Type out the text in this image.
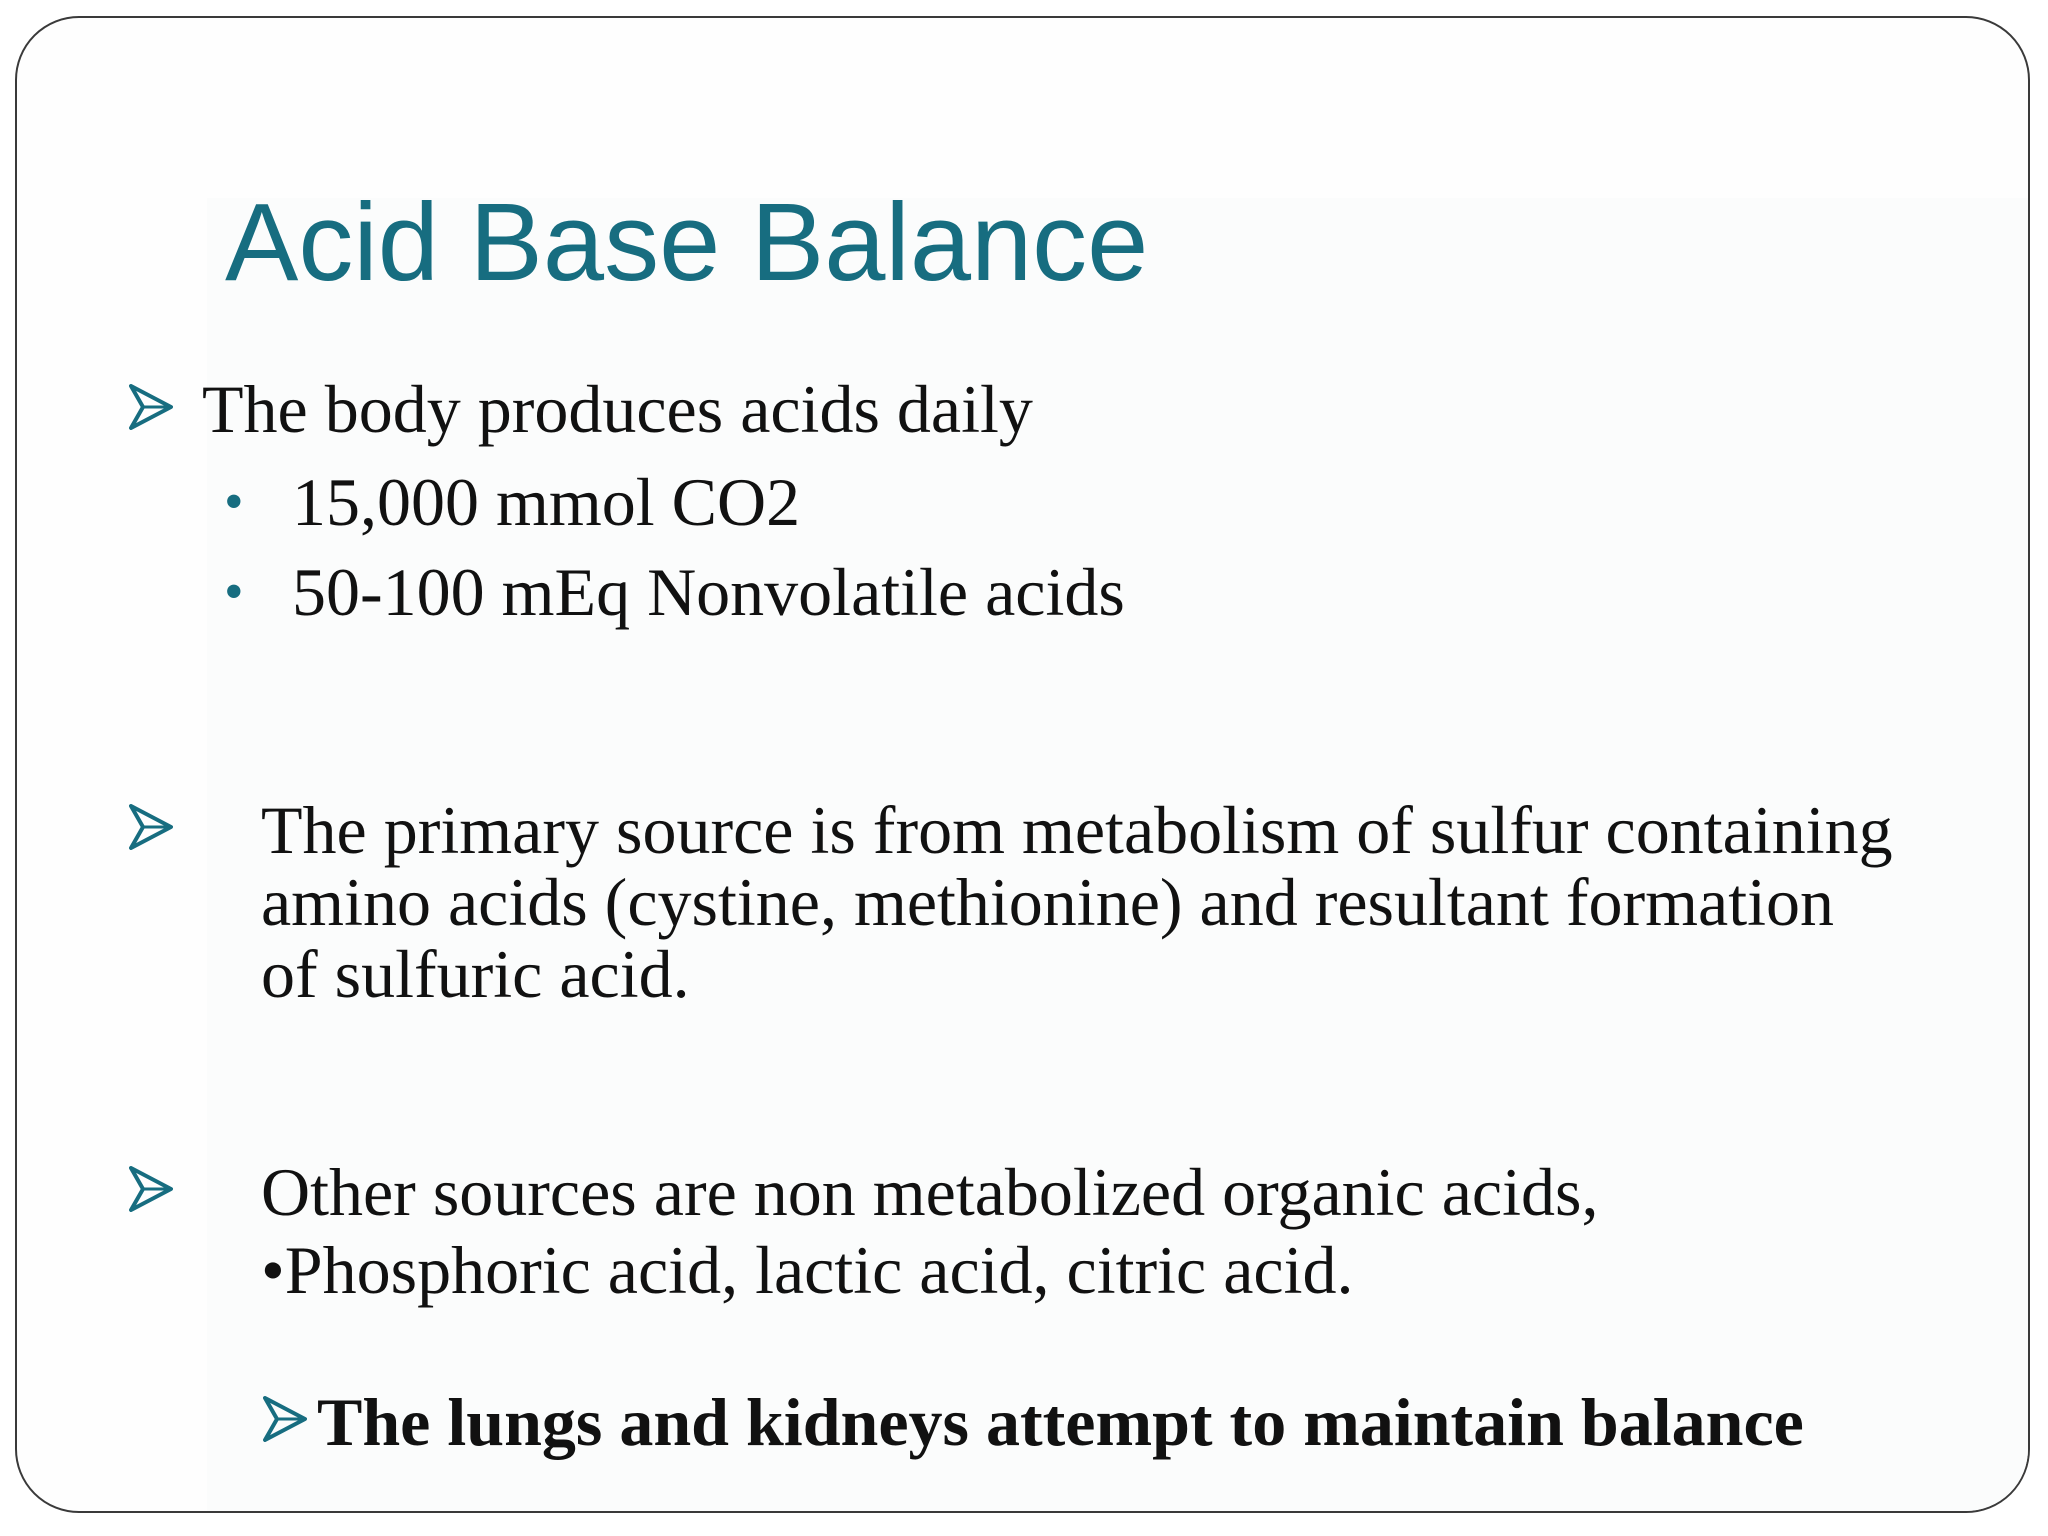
Acid Base Balance

The body produces acids daily

• 15,000 mmol CO2

• 50-100 mEq Nonvolatile acids

The primary source is from metabolism of sulfur containing

amino acids (cystine, methionine) and resultant formation

of sulfuric acid.

Other sources are non metabolized organic acids,

•Phosphoric acid, lactic acid, citric acid.

The lungs and kidneys attempt to maintain balance
